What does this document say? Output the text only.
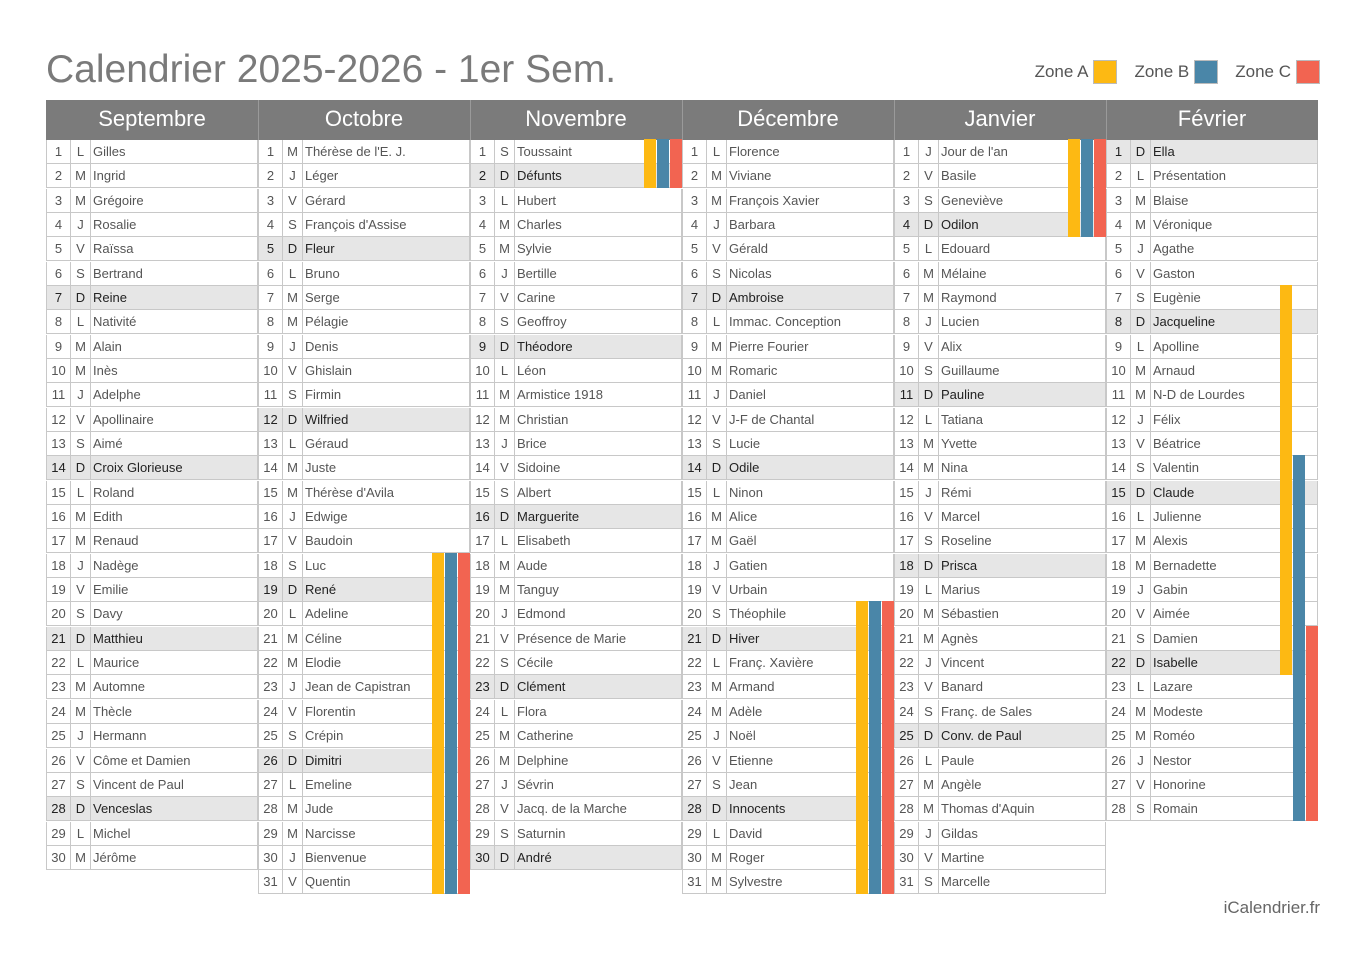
Calendrier 2025-2026 - 1er Sem.	Zone A	Zone B	Zone C
Septembre
1	L Gilles
2 M Ingrid
3 M Grégoire
4	J Rosalie
5	V Raïssa
6	S Bertrand
7	D Reine
8	L Nativité
9 M Alain
10 M Inès
11 J Adelphe
12 V Apollinaire
13 S Aimé
14 D Croix Glorieuse
15 L Roland
16 M Edith
17 M Renaud
18 J Nadège
19 V Emilie
20 S Davy
21 D Matthieu
22 L Maurice
23 M Automne
24 M Thècle
25 J Hermann
26 V Côme et Damien
27 S Vincent de Paul
28 D Venceslas
29 L Michel
30 M Jérôme
Octobre
1 M Thérèse de l'E. J.
2	J Léger
3	V Gérard
4	S François d'Assise
5	D Fleur
6	L Bruno
7 M Serge
8 M Pélagie
9	J Denis
10 V Ghislain
11 S Firmin
12 D Wilfried
13 L Géraud
14 M Juste
15 M Thérèse d'Avila
16 J Edwige
17 V Baudoin
18 S Luc
19 D René
20 L Adeline
21 M Céline
22 M Elodie
23 J Jean de Capistran
24 V Florentin
25 S Crépin
26 D Dimitri
27 L Emeline
28 M Jude
29 M Narcisse
30 J Bienvenue
31 V Quentin
Novembre
1	S Toussaint
2	D Défunts
3	L Hubert
4 M Charles
5 M Sylvie
6	J Bertille
7	V Carine
8	S Geoffroy
9	D Théodore
10 L Léon
11 M Armistice 1918
12 M Christian
13 J Brice
14 V Sidoine
15 S Albert
16 D Marguerite
17 L Elisabeth
18 M Aude
19 M Tanguy
20 J Edmond
21 V Présence de Marie
22 S Cécile
23 D Clément
24 L Flora
25 M Catherine
26 M Delphine
27 J Sévrin
28 V Jacq. de la Marche
29 S Saturnin
30 D André
Décembre
1	L Florence
2 M Viviane
3 M François Xavier
4	J Barbara
5	V Gérald
6	S Nicolas
7	D Ambroise
8	L Immac. Conception
9 M Pierre Fourier
10 M Romaric
11 J Daniel
12 V J-F de Chantal
13 S Lucie
14 D Odile
15 L Ninon
16 M Alice
17 M Gaël
18 J Gatien
19 V Urbain
20 S Théophile
21 D Hiver
22 L Franç. Xavière
23 M Armand
24 M Adèle
25 J Noël
26 V Etienne
27 S Jean
28 D Innocents
29 L David
30 M Roger
31 M Sylvestre
Janvier
1	J Jour de l'an
2	V Basile
3	S Geneviève
4	D Odilon
5	L Edouard
6 M Mélaine
7 M Raymond
8	J Lucien
9	V Alix
10 S Guillaume
11 D Pauline
12 L Tatiana
13 M Yvette
14 M Nina
15 J Rémi
16 V Marcel
17 S Roseline
18 D Prisca
19 L Marius
20 M Sébastien
21 M Agnès
22 J Vincent
23 V Banard
24 S Franç. de Sales
25 D Conv. de Paul
26 L Paule
27 M Angèle
28 M Thomas d'Aquin
29 J Gildas
30 V Martine
31 S Marcelle
Février
1	D Ella
2	L Présentation
3 M Blaise
4 M Véronique
5	J Agathe
6	V Gaston
7	S Eugènie
8	D Jacqueline
9	L Apolline
10 M Arnaud
11 M N-D de Lourdes
12 J Félix
13 V Béatrice
14 S Valentin
15 D Claude
16 L Julienne
17 M Alexis
18 M Bernadette
19 J Gabin
20 V Aimée
21 S Damien
22 D Isabelle
23 L Lazare
24 M Modeste
25 M Roméo
26 J Nestor
27 V Honorine
28 S Romain
iCalendrier.fr
